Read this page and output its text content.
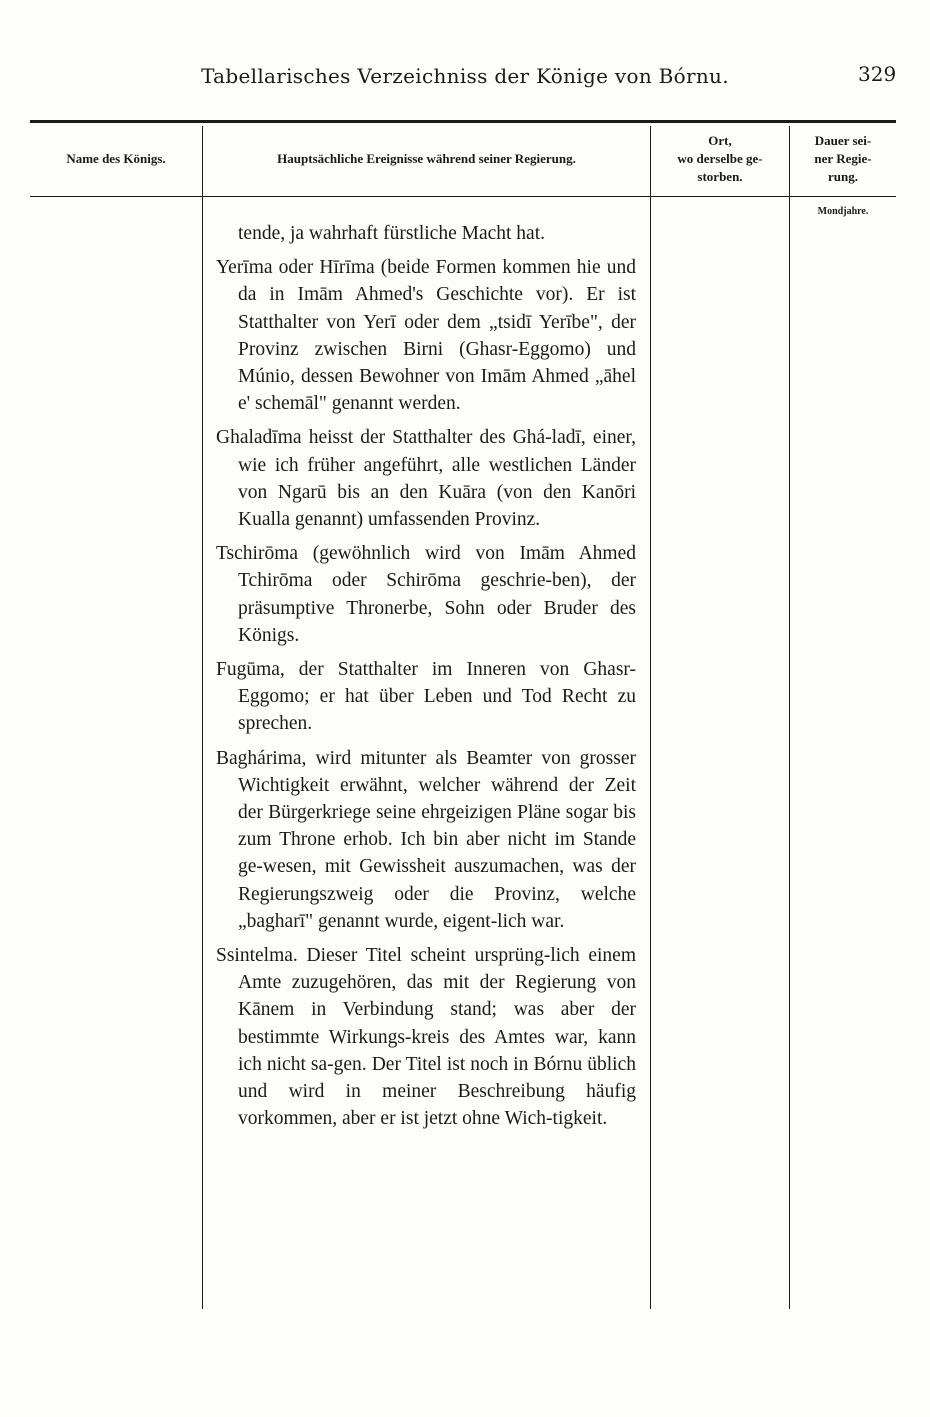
Tabellarisches Verzeichniss der Könige von Bórnu.	329
Name des Königs.	Hauptsächliche Ereignisse während seiner Regierung.
Ort,
wo derselbe ge-
storben.
Dauer sei-
ner Regie-
rung.
Mondjahre.

tende, ja wahrhaft fürstliche Macht hat.

Yerīma oder Hīrīma (beide Formen kommen hie und da in Imām Ahmed's Geschichte vor). Er ist Statthalter von Yerī oder dem „tsidī Yerībe", der Provinz zwischen Birni (Ghasr-Eggomo) und Múnio, dessen Bewohner von Imām Ahmed „āhel e' schemāl" genannt werden.

Ghaladīma heisst der Statthalter des Ghá-ladī, einer, wie ich früher angeführt, alle westlichen Länder von Ngarū bis an den Kuāra (von den Kanōri Kualla genannt) umfassenden Provinz.

Tschirōma (gewöhnlich wird von Imām Ahmed Tchirōma oder Schirōma geschrie-ben), der präsumptive Thronerbe, Sohn oder Bruder des Königs.

Fugūma, der Statthalter im Inneren von Ghasr-Eggomo; er hat über Leben und Tod Recht zu sprechen.

Baghárima, wird mitunter als Beamter von grosser Wichtigkeit erwähnt, welcher während der Zeit der Bürgerkriege seine ehrgeizigen Pläne sogar bis zum Throne erhob. Ich bin aber nicht im Stande ge-wesen, mit Gewissheit auszumachen, was der Regierungszweig oder die Provinz, welche „bagharī" genannt wurde, eigent-lich war.

Ssintelma. Dieser Titel scheint ursprüng-lich einem Amte zuzugehören, das mit der Regierung von Kānem in Verbindung stand; was aber der bestimmte Wirkungs-kreis des Amtes war, kann ich nicht sa-gen. Der Titel ist noch in Bórnu üblich und wird in meiner Beschreibung häufig vorkommen, aber er ist jetzt ohne Wich-tigkeit.
